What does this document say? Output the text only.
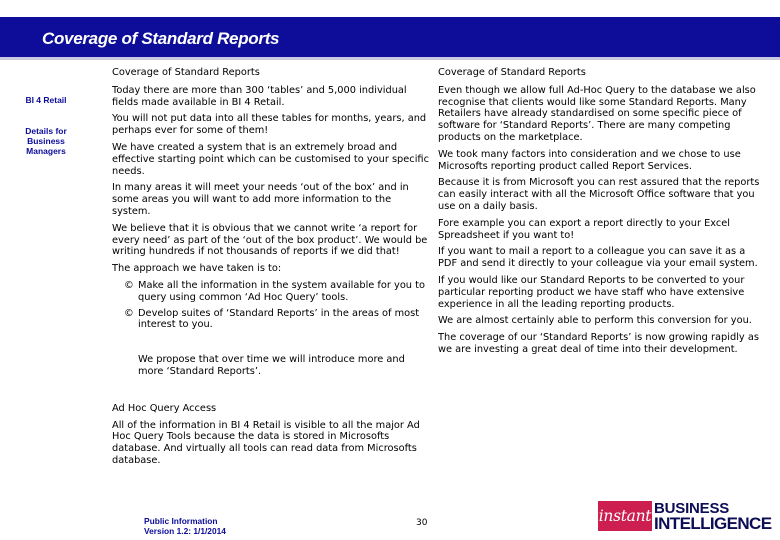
Coverage of Standard Reports
BI 4 Retail
Details for Business Managers

Coverage of Standard Reports

Today there are more than 300 ‘tables’ and 5,000 individual fields made available in BI 4 Retail.

You will not put data into all these tables for months, years, and perhaps ever for some of them!

We have created a system that is an extremely broad and effective starting point which can be customised to your specific needs.

In many areas it will meet your needs ‘out of the box’ and in some areas you will want to add more information to the system.

We believe that it is obvious that we cannot write ‘a report for every need’ as part of the ‘out of the box product’. We would be writing hundreds if not thousands of reports if we did that!

The approach we have taken is to:

© Make all the information in the system available for you to query using common ‘Ad Hoc Query’ tools.
© Develop suites of ‘Standard Reports’ in the areas of most interest to you.

We propose that over time we will introduce more and more ‘Standard Reports’.

Ad Hoc Query Access

All of the information in BI 4 Retail is visible to all the major Ad Hoc Query Tools because the data is stored in Microsofts database. And virtually all tools can read data from Microsofts database.

Coverage of Standard Reports

Even though we allow full Ad-Hoc Query to the database we also recognise that clients would like some Standard Reports. Many Retailers have already standardised on some specific piece of software for ‘Standard Reports’. There are many competing products on the marketplace.

We took many factors into consideration and we chose to use Microsofts reporting product called Report Services.

Because it is from Microsoft you can rest assured that the reports can easily interact with all the Microsoft Office software that you use on a daily basis.

Fore example you can export a report directly to your Excel Spreadsheet if you want to!

If you want to mail a report to a colleague you can save it as a PDF and send it directly to your colleague via your email system.

If you would like our Standard Reports to be converted to your particular reporting product we have staff who have extensive experience in all the leading reporting products.

We are almost certainly able to perform this conversion for you.

The coverage of our ‘Standard Reports’ is now growing rapidly as we are investing a great deal of time into their development.

Public Information
Version 1.2: 1/1/2014
30	instant BUSINESS
INTELLIGENCE
